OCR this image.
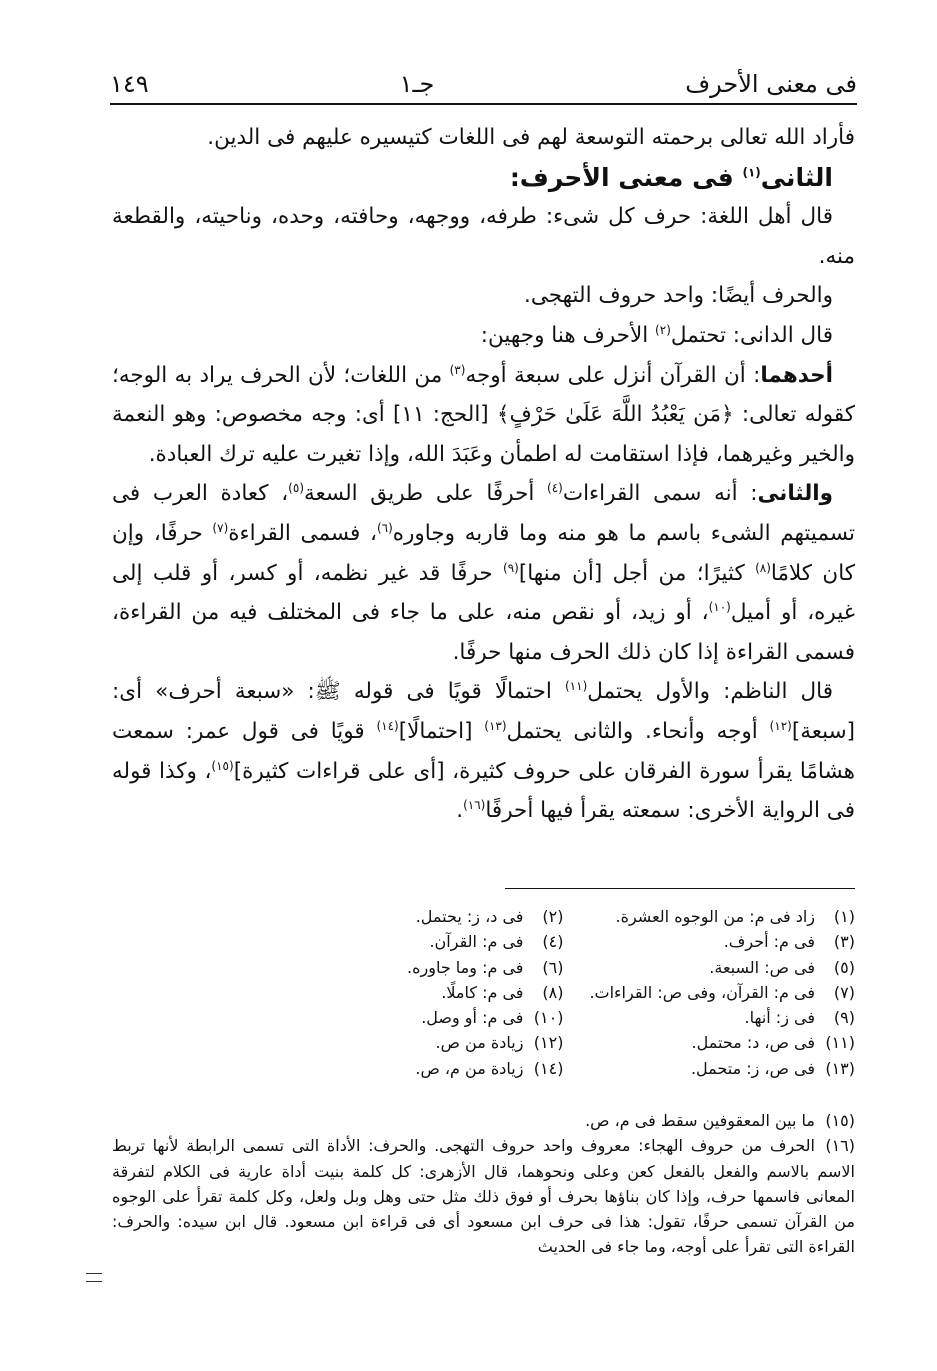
فى معنى الأحرف
جـ١
١٤٩

فأراد الله تعالى برحمته التوسعة لهم فى اللغات كتيسيره عليهم فى الدين.

الثانى$^{(١)}$ فى معنى الأحرف:

قال أهل اللغة: حرف كل شىء: طرفه، ووجهه، وحافته، وحده، وناحيته، والقطعة منه.

والحرف أيضًا: واحد حروف التهجى.

قال الدانى: تحتمل$^{(٢)}$ الأحرف هنا وجهين:

أحدهما: أن القرآن أنزل على سبعة أوجه$^{(٣)}$ من اللغات؛ لأن الحرف يراد به الوجه؛ كقوله تعالى: ﴿مَن يَعْبُدُ اللَّهَ عَلَىٰ حَرْفٍ﴾ [الحج: ١١] أى: وجه مخصوص: وهو النعمة والخير وغيرهما، فإذا استقامت له اطمأن وعَبَدَ الله، وإذا تغيرت عليه ترك العبادة.

والثانى: أنه سمى القراءات$^{(٤)}$ أحرفًا على طريق السعة$^{(٥)}$، كعادة العرب فى تسميتهم الشىء باسم ما هو منه وما قاربه وجاوره$^{(٦)}$، فسمى القراءة$^{(٧)}$ حرفًا، وإن كان كلامًا$^{(٨)}$ كثيرًا؛ من أجل [أن منها]$^{(٩)}$ حرفًا قد غير نظمه، أو كسر، أو قلب إلى غيره، أو أميل$^{(١٠)}$، أو زيد، أو نقص منه، على ما جاء فى المختلف فيه من القراءة، فسمى القراءة إذا كان ذلك الحرف منها حرفًا.

قال الناظم: والأول يحتمل$^{(١١)}$ احتمالًا قويًا فى قوله ﷺ: «سبعة أحرف» أى: [سبعة]$^{(١٢)}$ أوجه وأنحاء. والثانى يحتمل$^{(١٣)}$ [احتمالًا]$^{(١٤)}$ قويًا فى قول عمر: سمعت هشامًا يقرأ سورة الفرقان على حروف كثيرة، [أى على قراءات كثيرة]$^{(١٥)}$، وكذا قوله فى الرواية الأخرى: سمعته يقرأ فيها أحرفًا$^{(١٦)}$.

(١)زاد فى م: من الوجوه العشرة.
(٢)فى د، ز: يحتمل.
(٣)فى م: أحرف.
(٤)فى م: القرآن.
(٥)فى ص: السبعة.
(٦)فى م: وما جاوره.
(٧)فى م: القرآن، وفى ص: القراءات.
(٨)فى م: كاملًا.
(٩)فى ز: أنها.
(١٠)فى م: أو وصل.
(١١)فى ص، د: محتمل.
(١٢)زيادة من ص.
(١٣)فى ص، ز: متحمل.
(١٤)زيادة من م، ص.
(١٥)ما بين المعقوفين سقط فى م، ص.
(١٦)الحرف من حروف الهجاء: معروف واحد حروف التهجى. والحرف: الأداة التى تسمى الرابطة لأنها تربط الاسم بالاسم والفعل بالفعل كعن وعلى ونحوهما، قال الأزهرى: كل كلمة بنيت أداة عارية فى الكلام لتفرقة المعانى فاسمها حرف، وإذا كان بناؤها بحرف أو فوق ذلك مثل حتى وهل وبل ولعل، وكل كلمة تقرأ على الوجوه من القرآن تسمى حرفًا، تقول: هذا فى حرف ابن مسعود أى فى قراءة ابن مسعود. قال ابن سيده: والحرف: القراءة التى تقرأ على أوجه، وما جاء فى الحديث
